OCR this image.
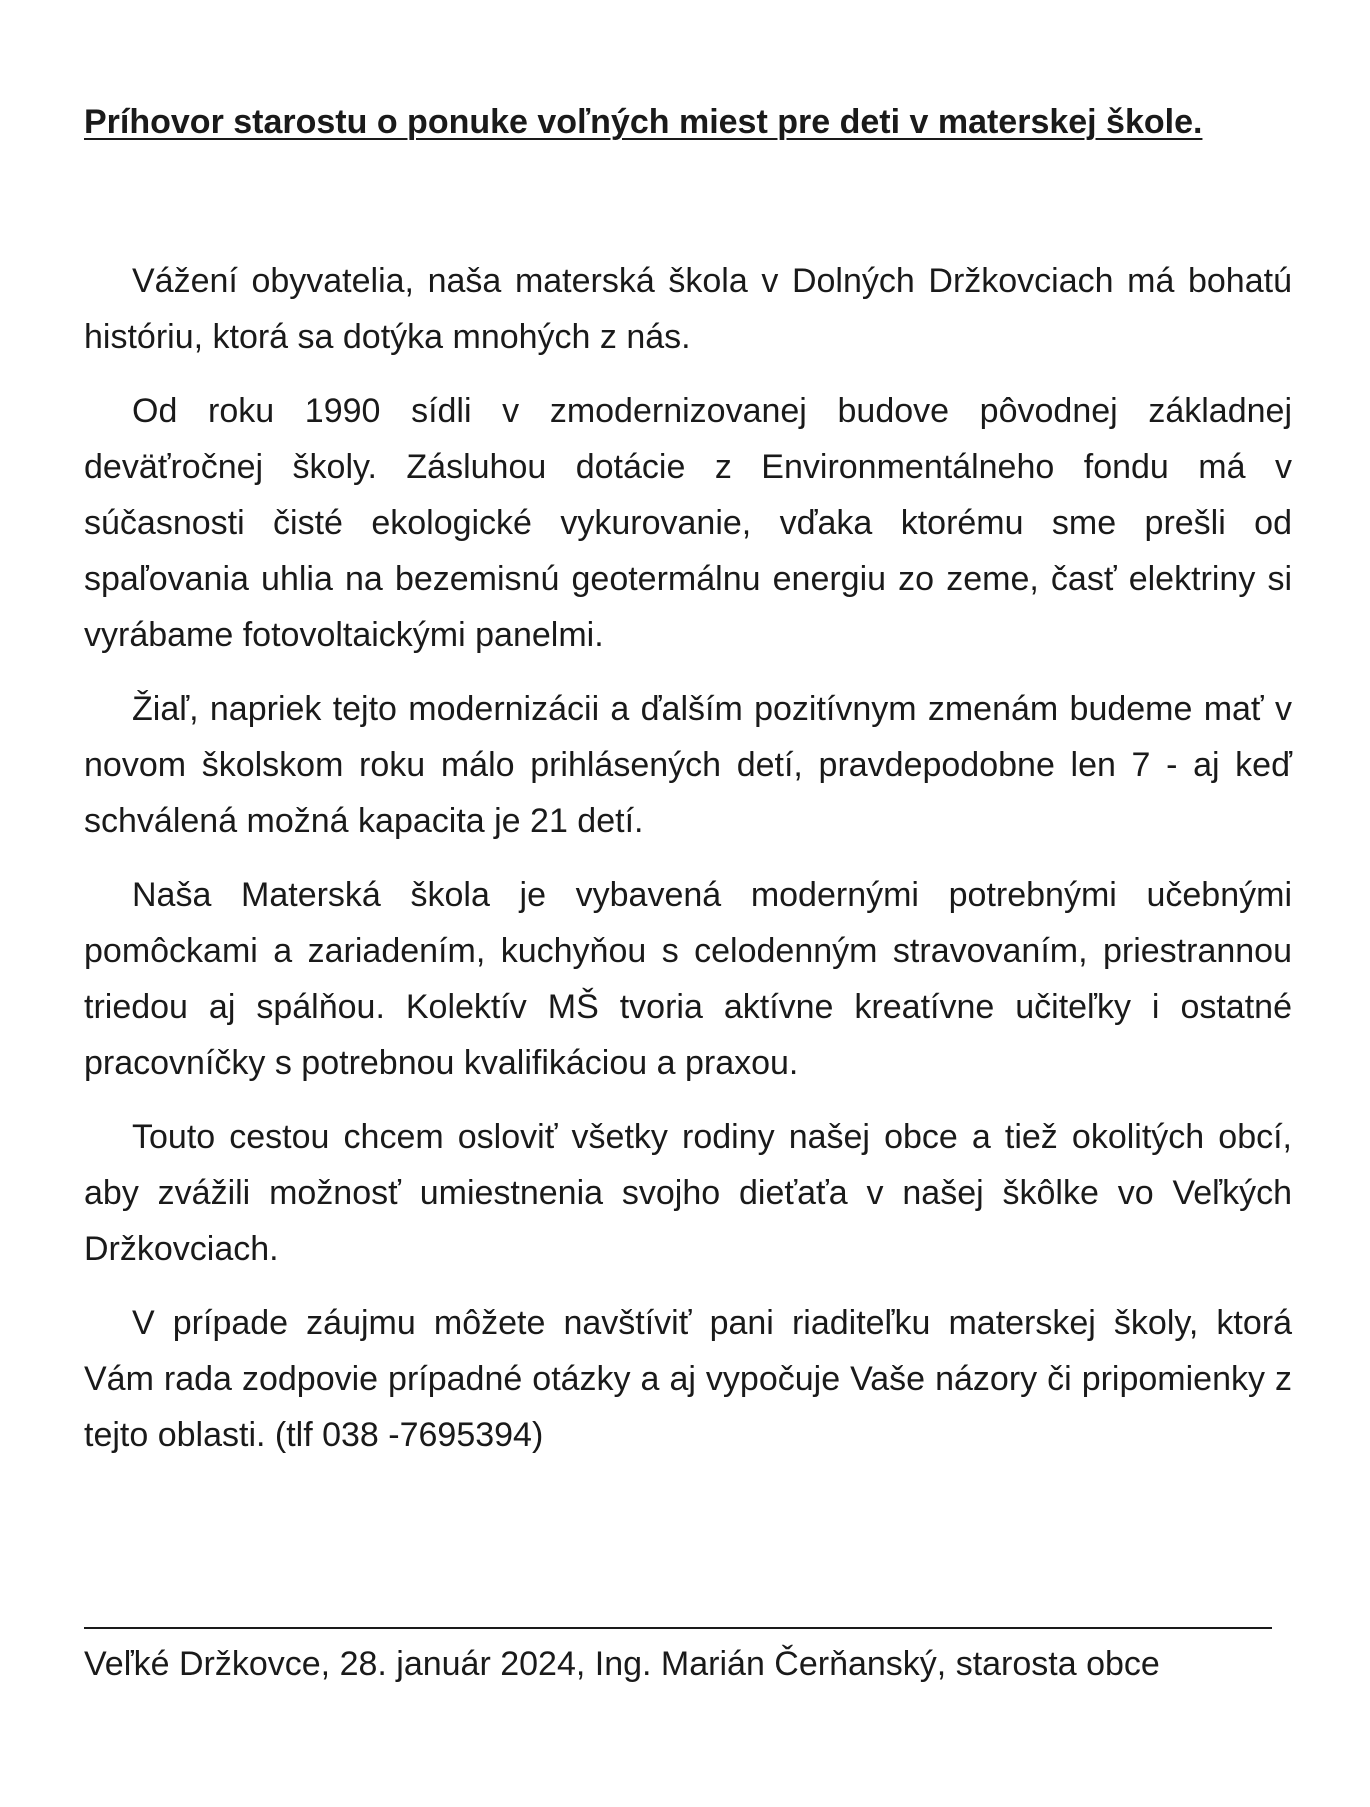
Príhovor starostu o ponuke voľných miest pre deti v materskej škole.

Vážení obyvatelia, naša materská škola v Dolných Držkovciach má bohatú históriu, ktorá sa dotýka mnohých z nás.

Od roku 1990 sídli v zmodernizovanej budove pôvodnej základnej deväťročnej školy. Zásluhou dotácie z Environmentálneho fondu má v súčasnosti čisté ekologické vykurovanie, vďaka ktorému sme prešli od spaľovania uhlia na bezemisnú geotermálnu energiu zo zeme, časť elektriny si vyrábame fotovoltaickými panelmi.

Žiaľ, napriek tejto modernizácii a ďalším pozitívnym zmenám budeme mať v novom školskom roku málo prihlásených detí, pravdepodobne len 7 - aj keď schválená možná kapacita je 21 detí.

Naša Materská škola je vybavená modernými potrebnými učebnými pomôckami a zariadením, kuchyňou s celodenným stravovaním, priestrannou triedou aj spálňou. Kolektív MŠ tvoria aktívne kreatívne učiteľky i ostatné pracovníčky s potrebnou kvalifikáciou a praxou.

Touto cestou chcem osloviť všetky rodiny našej obce a tiež okolitých obcí, aby zvážili možnosť umiestnenia svojho dieťaťa v našej škôlke vo Veľkých Držkovciach.

V prípade záujmu môžete navštíviť pani riaditeľku materskej školy, ktorá Vám rada zodpovie prípadné otázky a aj vypočuje Vaše názory či pripomienky z tejto oblasti. (tlf 038 -7695394)

Veľké Držkovce, 28. január 2024, Ing. Marián Čerňanský, starosta obce
